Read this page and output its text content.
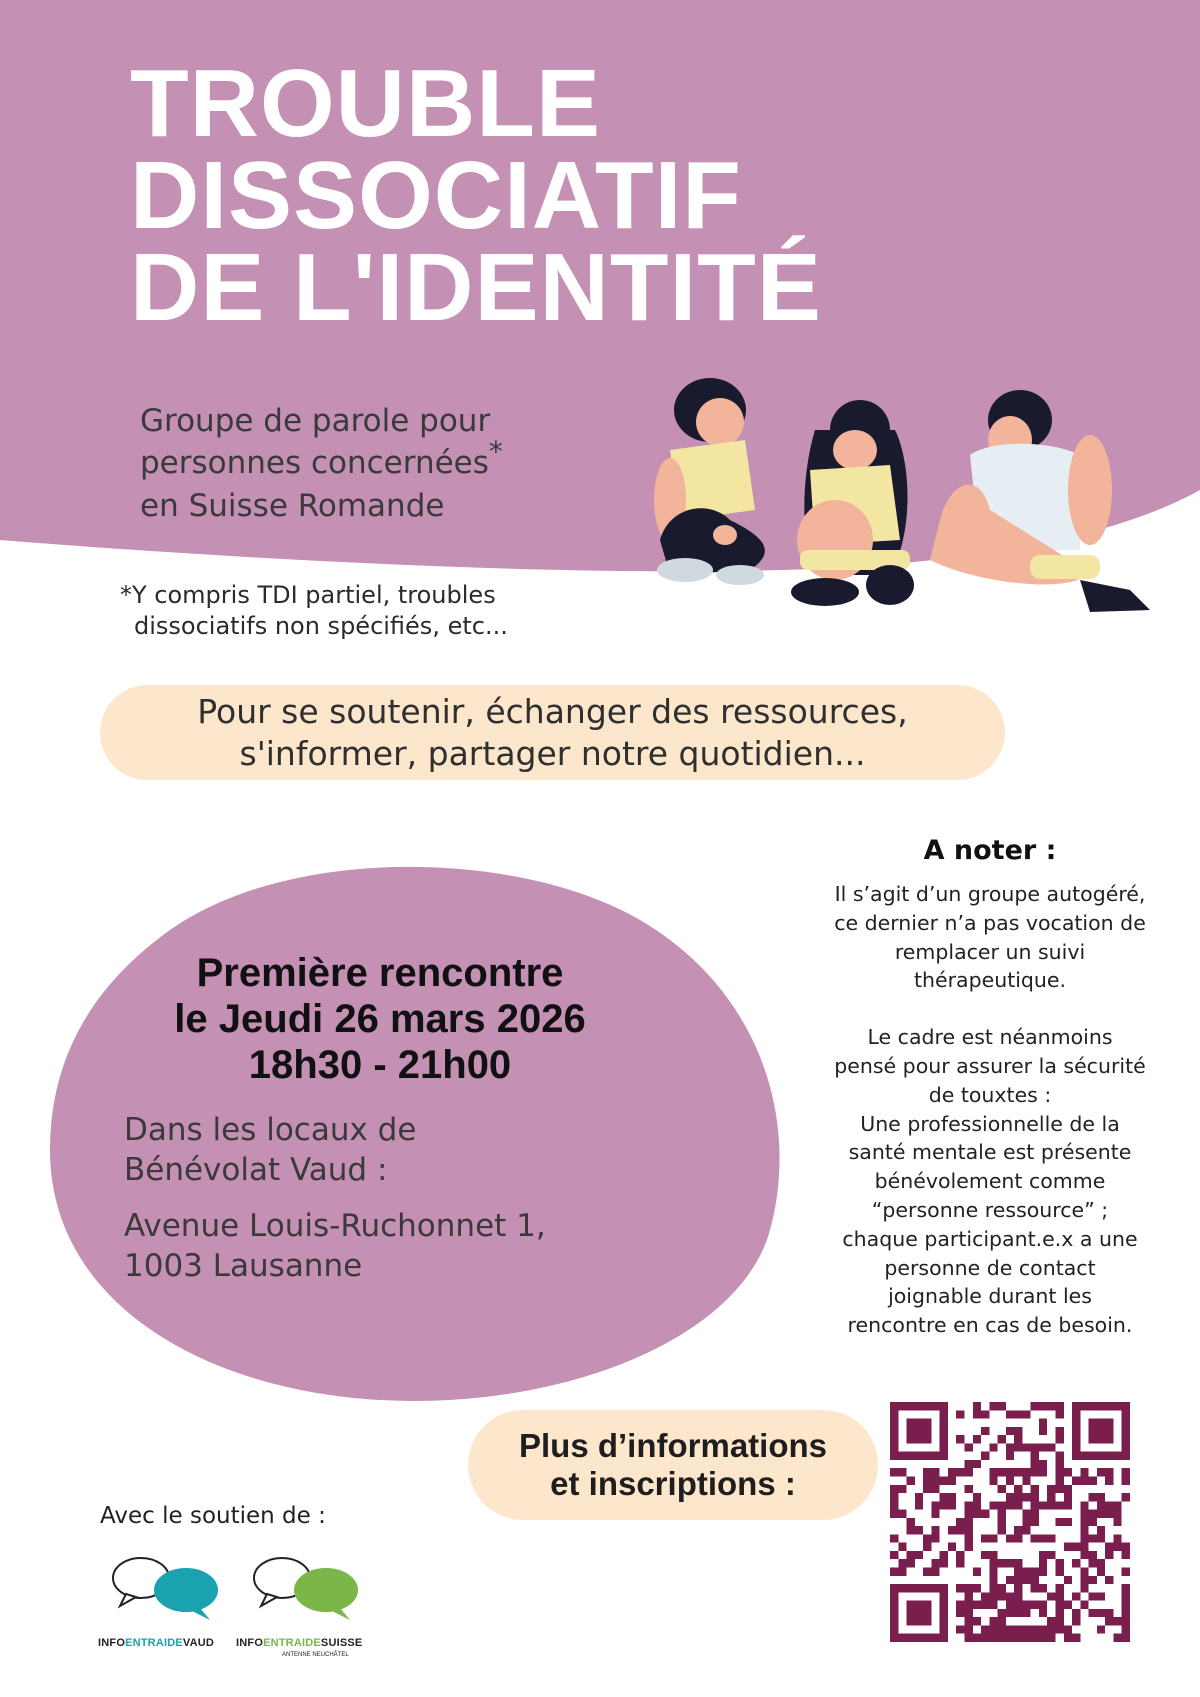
TROUBLE
DISSOCIATIF
DE L'IDENTITÉ
Groupe de parole pour
personnes concernées*
en Suisse Romande
*Y compris TDI partiel, troubles
dissociatifs non spécifiés, etc...
Pour se soutenir, échanger des ressources,
s'informer, partager notre quotidien...
Première rencontre
le Jeudi 26 mars 2026
18h30 - 21h00
Dans les locaux de
Bénévolat Vaud :
Avenue Louis-Ruchonnet 1,
1003 Lausanne
A noter :
Il s’agit d’un groupe autogéré,
ce dernier n’a pas vocation de
remplacer un suivi
thérapeutique.
Le cadre est néanmoins
pensé pour assurer la sécurité
de touxtes :
Une professionnelle de la
santé mentale est présente
bénévolement comme
“personne ressource” ;
chaque participant.e.x a une
personne de contact
joignable durant les
rencontre en cas de besoin.
Plus d’informations
et inscriptions :
Avec le soutien de :
INFOENTRAIDEVAUD INFOENTRAIDESUISSE
ANTENNE NEUCHÂTEL
